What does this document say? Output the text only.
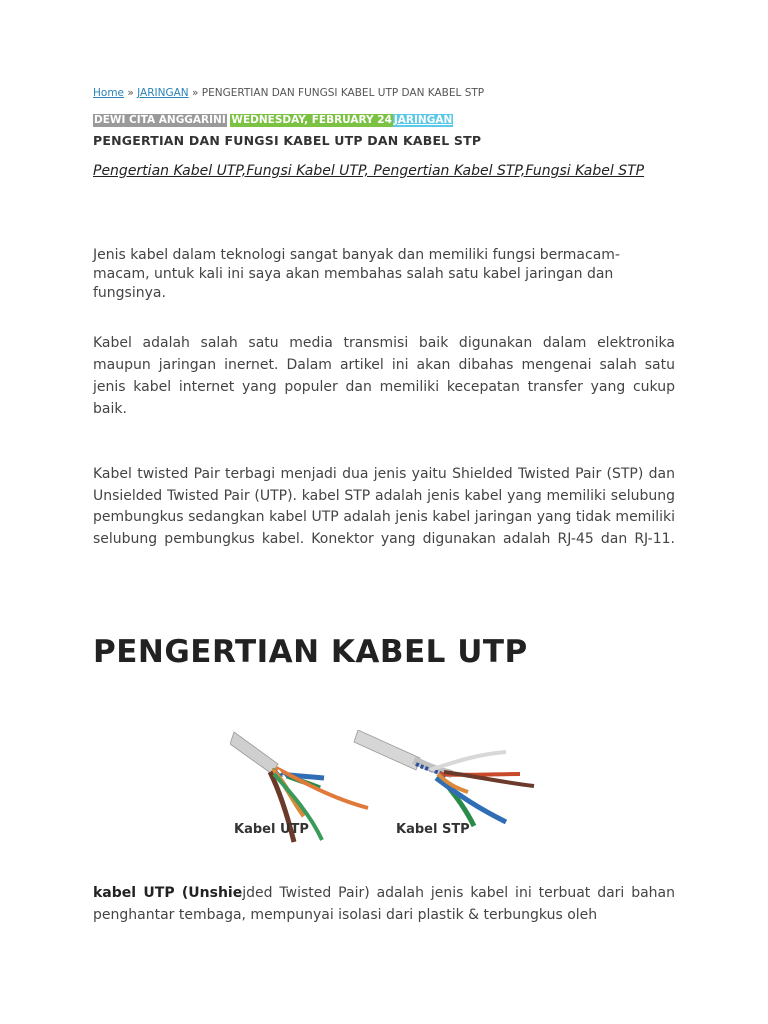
Home » JARINGAN » PENGERTIAN DAN FUNGSI KABEL UTP DAN KABEL STP
DEWI CITA ANGGARINI WEDNESDAY, FEBRUARY 24 JARINGAN
PENGERTIAN DAN FUNGSI KABEL UTP DAN KABEL STP
Pengertian Kabel UTP,Fungsi Kabel UTP, Pengertian Kabel STP,Fungsi Kabel STP
Jenis kabel dalam teknologi sangat banyak dan memiliki fungsi bermacam-macam, untuk kali ini saya akan membahas salah satu kabel jaringan dan fungsinya.
Kabel adalah salah satu media transmisi baik digunakan dalam elektronika maupun jaringan inernet. Dalam artikel ini akan dibahas mengenai salah satu jenis kabel internet yang populer dan memiliki kecepatan transfer yang cukup baik.
Kabel twisted Pair terbagi menjadi dua jenis yaitu Shielded Twisted Pair (STP) dan Unsielded Twisted Pair (UTP). kabel STP adalah jenis kabel yang memiliki selubung pembungkus sedangkan kabel UTP adalah jenis kabel jaringan yang tidak memiliki selubung pembungkus kabel. Konektor yang digunakan adalah RJ-45 dan RJ-11.
PENGERTIAN KABEL UTP
Kabel UTP	Kabel STP
kabel UTP (Unshiejded Twisted Pair) adalah jenis kabel ini terbuat dari bahan penghantar tembaga, mempunyai isolasi dari plastik & terbungkus oleh
